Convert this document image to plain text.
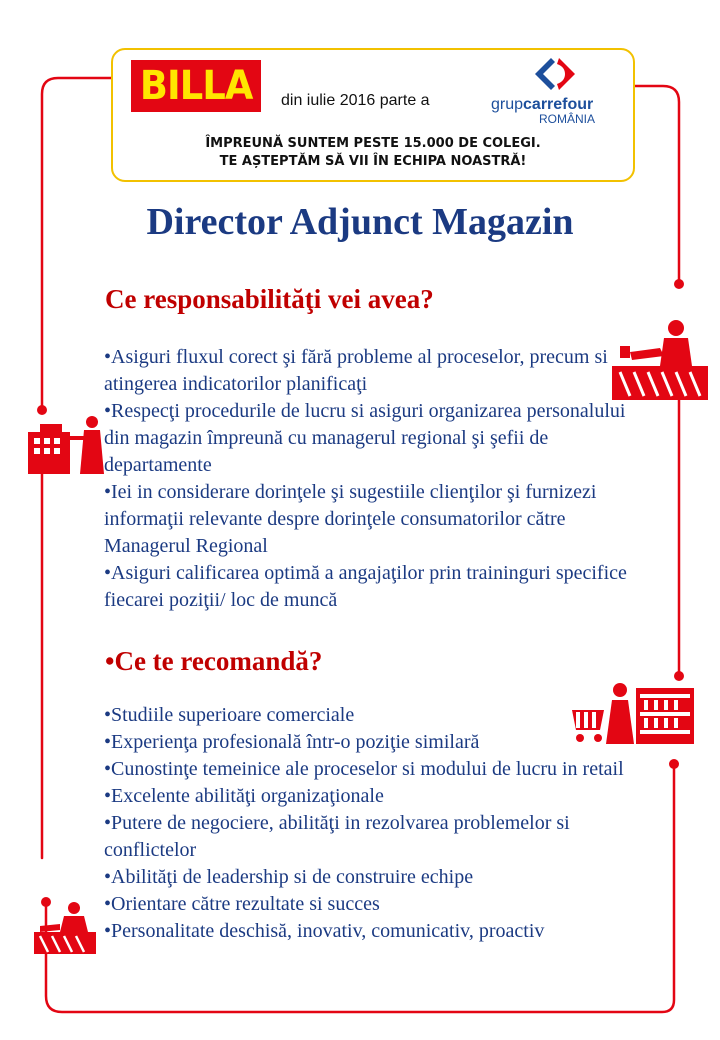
BILLA din iulie 2016 parte a	grupcarrefour
ROMÂNIA
ÎMPREUNĂ SUNTEM PESTE 15.000 DE COLEGI.
TE AȘTEPTĂM SĂ VII ÎN ECHIPA NOASTRĂ!
Director Adjunct Magazin
Ce responsabilităţi vei avea?
•Asiguri fluxul corect şi fără probleme al proceselor, precum si atingerea indicatorilor planificaţi
•Respecţi procedurile de lucru si asiguri organizarea personalului din magazin împreună cu managerul regional şi şefii de departamente
•Iei in considerare dorinţele şi sugestiile clienţilor şi furnizezi informaţii relevante despre dorinţele consumatorilor către Managerul Regional
•Asiguri calificarea optimă a angajaţilor prin traininguri specifice fiecarei poziţii/ loc de muncă
•Ce te recomandă?
•Studiile superioare comerciale
•Experienţa profesională într-o poziţie similară
•Cunostinţe temeinice ale proceselor si modului de lucru in retail
•Excelente abilităţi organizaţionale
•Putere de negociere, abilităţi in rezolvarea problemelor si conflictelor
•Abilităţi de leadership si de construire echipe
•Orientare către rezultate si succes
•Personalitate deschisă, inovativ, comunicativ, proactiv
